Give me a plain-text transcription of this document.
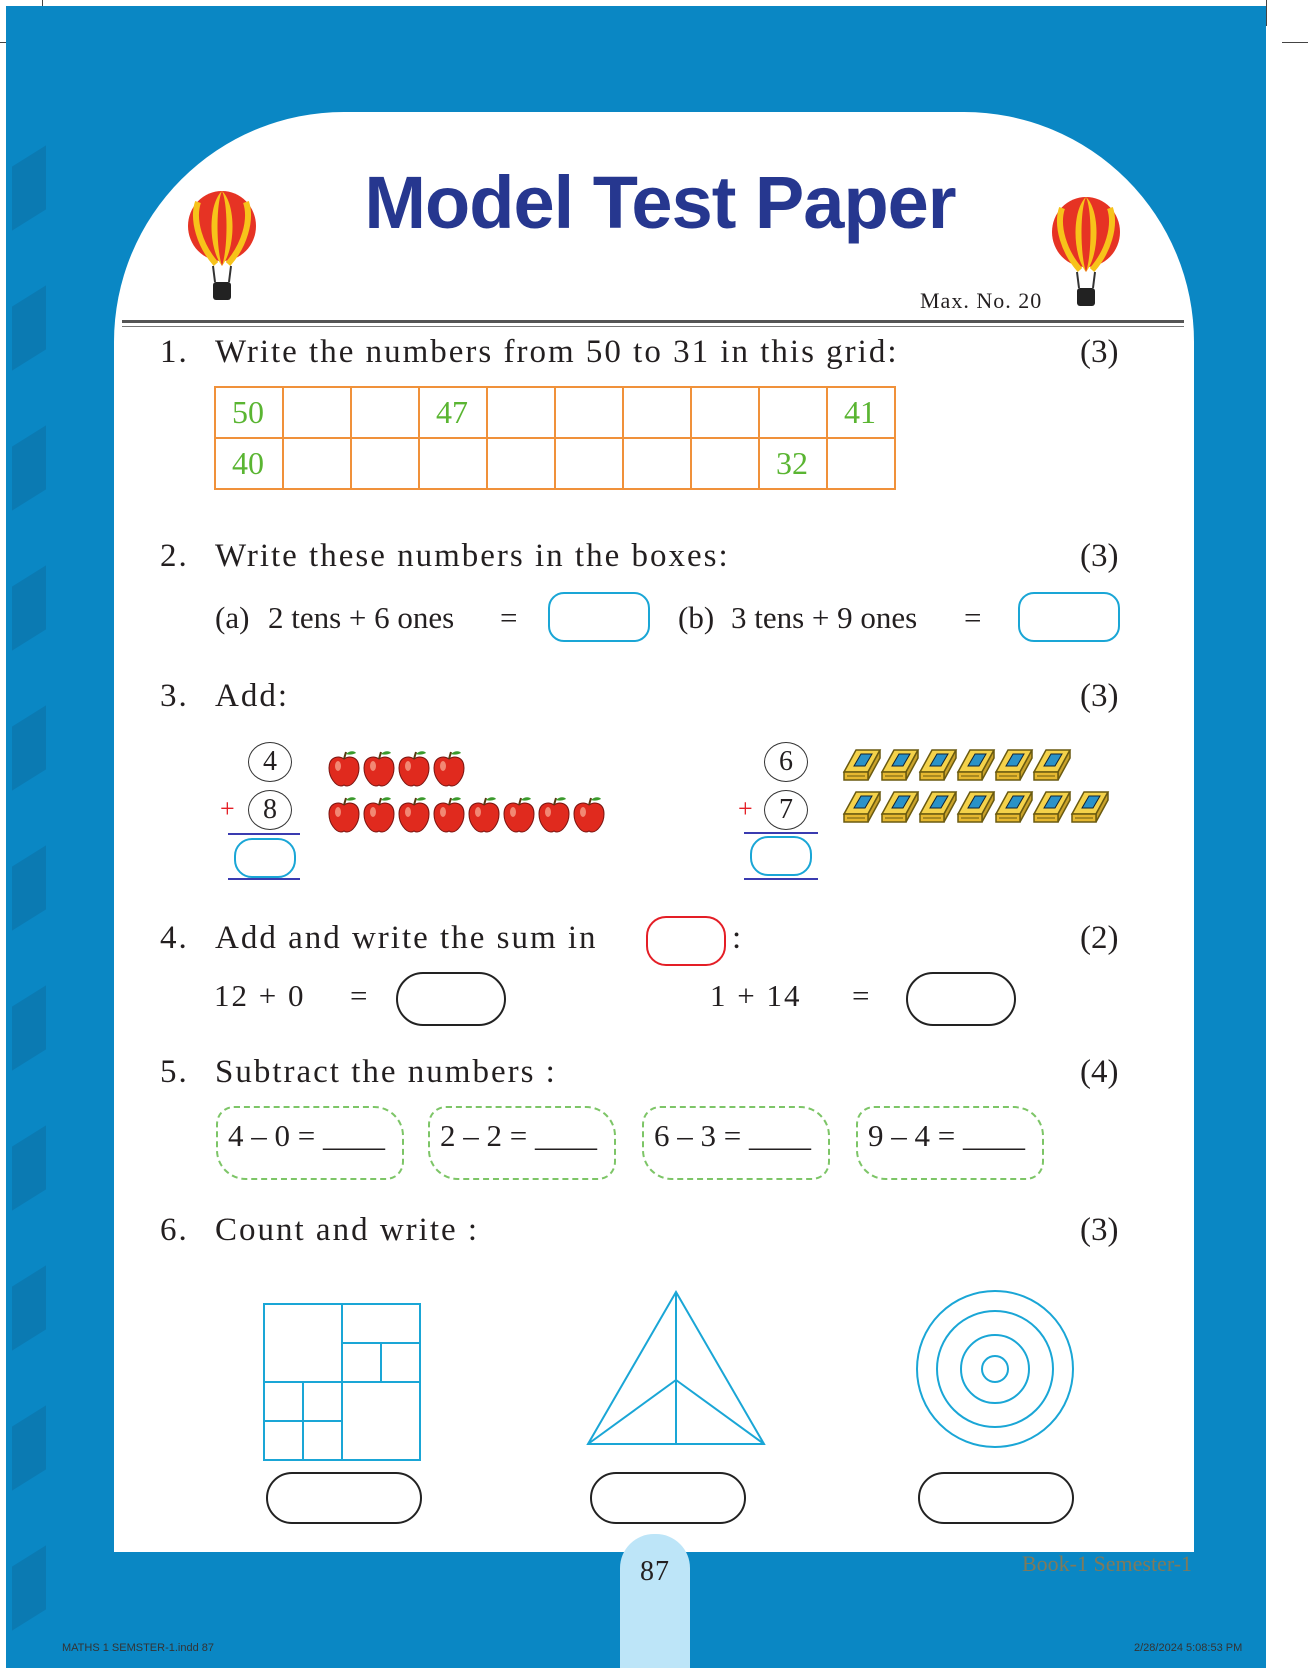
Model Test Paper
Max. No. 20
1. Write the numbers from 50 to 31 in this grid:	(3)
50			47						41
40								32	
2. Write these numbers in the boxes:	(3)
(a) 2 tens + 6 ones =	(b) 3 tens + 9 ones =
3. Add:	(3)
4
+	8
6
+ 7
4. Add and write the sum in	:	(2)
12 + 0 =	1 + 14 =
5. Subtract the numbers :	(4)
4 – 0 = ____	2 – 2 = ____	6 – 3 = ____	9 – 4 = ____
6. Count and write :	(3)
87	Book-1 Semester-1
MATHS 1 SEMSTER-1.indd 87	2/28/2024 5:08:53 PM
